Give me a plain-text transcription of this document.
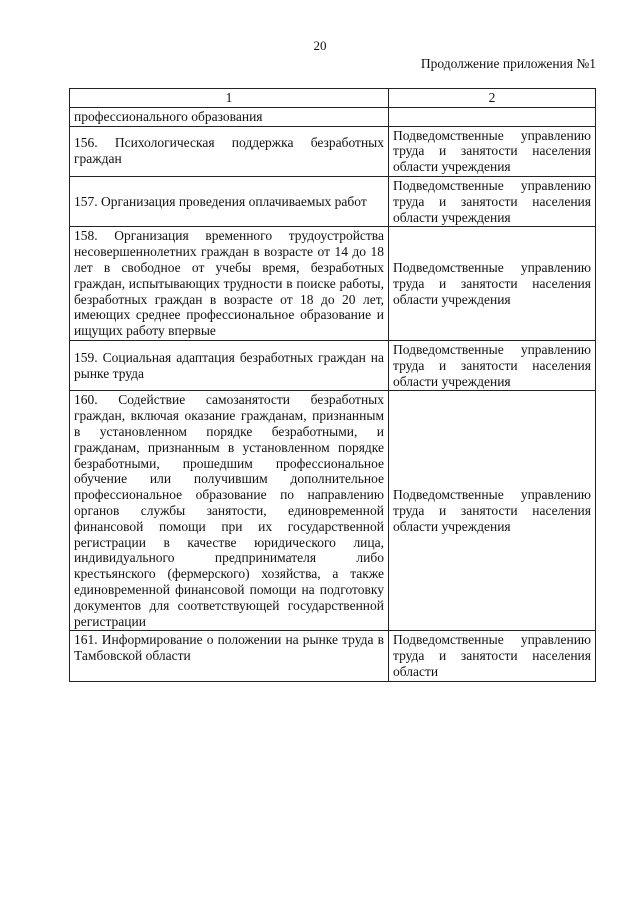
20
Продолжение приложения №1
1	2
профессионального образования	
156. Психологическая поддержка безработных граждан	Подведомственные управлению труда и занятости населения области учреждения
157. Организация проведения оплачиваемых работ	Подведомственные управлению труда и занятости населения области учреждения
158. Организация временного трудоустройства несовершеннолетних граждан в возрасте от 14 до 18 лет в свободное от учебы время, безработных граждан, испытывающих трудности в поиске работы, безработных граждан в возрасте от 18 до 20 лет, имеющих среднее профессиональное образование и ищущих работу впервые	Подведомственные управлению труда и занятости населения области учреждения
159. Социальная адаптация безработных граждан на рынке труда	Подведомственные управлению труда и занятости населения области учреждения
160. Содействие самозанятости безработных граждан, включая оказание гражданам, признанным в установленном порядке безработными, и гражданам, признанным в установленном порядке безработными, прошедшим профессиональное обучение или получившим дополнительное профессиональное образование по направлению органов службы занятости, единовременной финансовой помощи при их государственной регистрации в качестве юридического лица, индивидуального предпринимателя либо крестьянского (фермерского) хозяйства, а также единовременной финансовой помощи на подготовку документов для соответствующей государственной регистрации	Подведомственные управлению труда и занятости населения области учреждения
161. Информирование о положении на рынке труда в Тамбовской области	Подведомственные управлению труда и занятости населения области
